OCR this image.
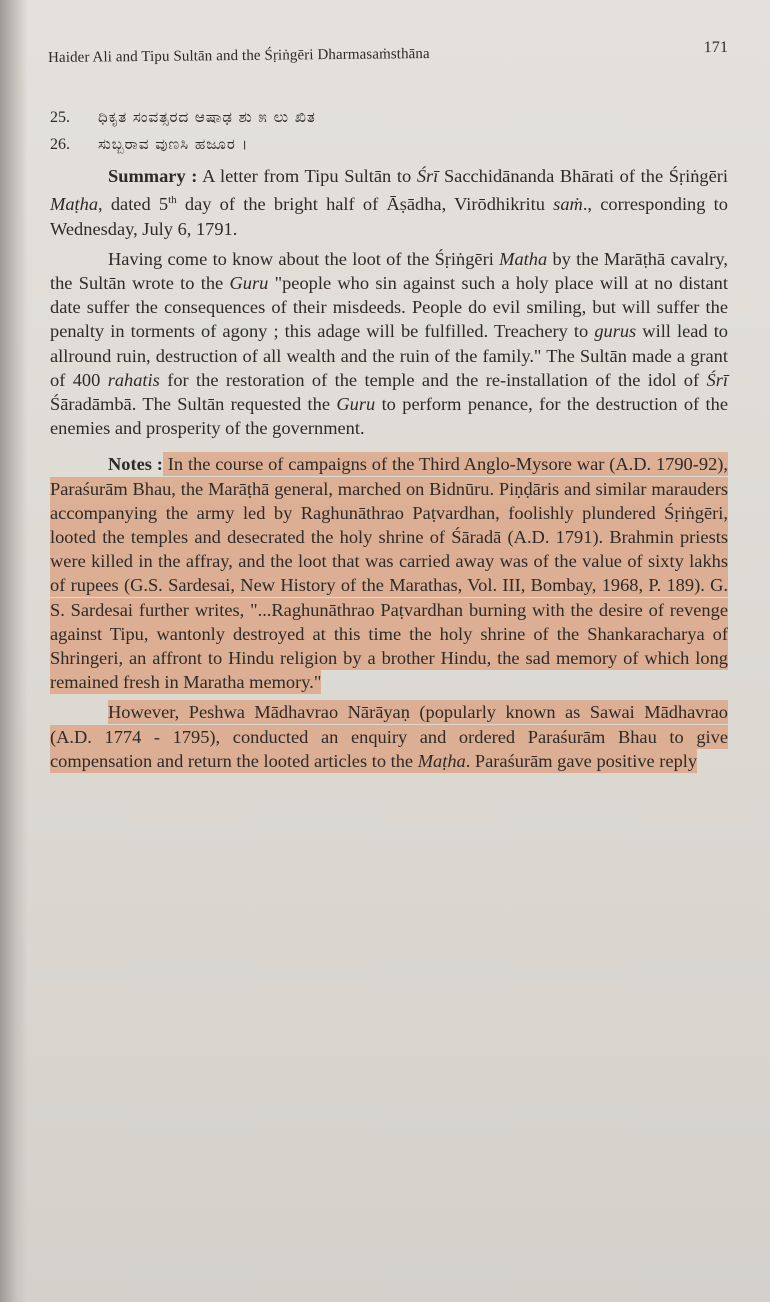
Haider Ali and Tipu Sultān and the Śṛiṅgēri Dharmasaṁsthāna	171
25. ಧಿಕೃತ ಸಂವತ್ಸರದ ಆಷಾಢ ಶು ೫ ಲು ಖಿತ
26. ಸುಬ್ಬರಾವ ವುಣಸಿ ಹಜೂರ ।

Summary : A letter from Tipu Sultān to Śrī Sacchidānanda Bhārati of the Śṛiṅgēri Maṭha, dated 5th day of the bright half of Āṣādha, Virōdhikritu saṁ., corresponding to Wednesday, July 6, 1791.

Having come to know about the loot of the Śṛiṅgēri Matha by the Marāṭhā cavalry, the Sultān wrote to the Guru "people who sin against such a holy place will at no distant date suffer the consequences of their misdeeds. People do evil smiling, but will suffer the penalty in torments of agony ; this adage will be fulfilled. Treachery to gurus will lead to allround ruin, destruction of all wealth and the ruin of the family." The Sultān made a grant of 400 rahatis for the restoration of the temple and the re-installation of the idol of Śrī Śāradāmbā. The Sultān requested the Guru to perform penance, for the destruction of the enemies and prosperity of the government.

Notes : In the course of campaigns of the Third Anglo-Mysore war (A.D. 1790-92), Paraśurām Bhau, the Marāṭhā general, marched on Bidnūru. Piṇḍāris and similar marauders accompanying the army led by Raghunāthrao Paṭvardhan, foolishly plundered Śṛiṅgēri, looted the temples and desecrated the holy shrine of Śāradā (A.D. 1791). Brahmin priests were killed in the affray, and the loot that was carried away was of the value of sixty lakhs of rupees (G.S. Sardesai, New History of the Marathas, Vol. III, Bombay, 1968, P. 189). G. S. Sardesai further writes, "...Raghunāthrao Paṭvardhan burning with the desire of revenge against Tipu, wantonly destroyed at this time the holy shrine of the Shankaracharya of Shringeri, an affront to Hindu religion by a brother Hindu, the sad memory of which long remained fresh in Maratha memory."

However, Peshwa Mādhavrao Nārāyaṇ (popularly known as Sawai Mādhavrao (A.D. 1774 - 1795), conducted an enquiry and ordered Paraśurām Bhau to give compensation and return the looted articles to the Maṭha. Paraśurām gave positive reply
